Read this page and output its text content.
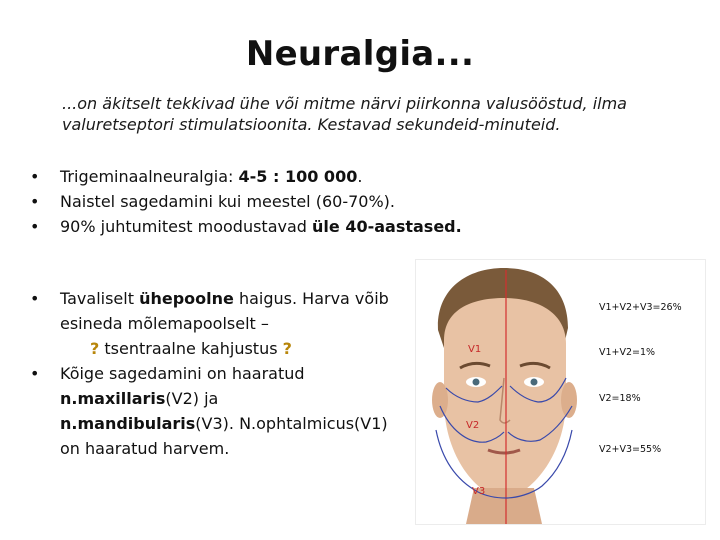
Neuralgia...
...on äkitselt tekkivad ühe või mitme närvi piirkonna valusööstud, ilma valuretseptori stimulatsioonita. Kestavad sekundeid-minuteid.
• Trigeminaalneuralgia: 4-5 : 100 000.
• Naistel sagedamini kui meestel (60-70%).
• 90% juhtumitest moodustavad üle 40-aastased.
• Tavaliselt ühepoolne haigus. Harva võib esineda mõlemapoolselt –
? tsentraalne kahjustus ?
• Kõige sagedamini on haaratud n.maxillaris(V2) ja n.mandibularis(V3). N.ophtalmicus(V1) on haaratud harvem.
V1
V2
V3
V1+V2+V3=26%
V1+V2=1%
V2=18%
V2+V3=55%
